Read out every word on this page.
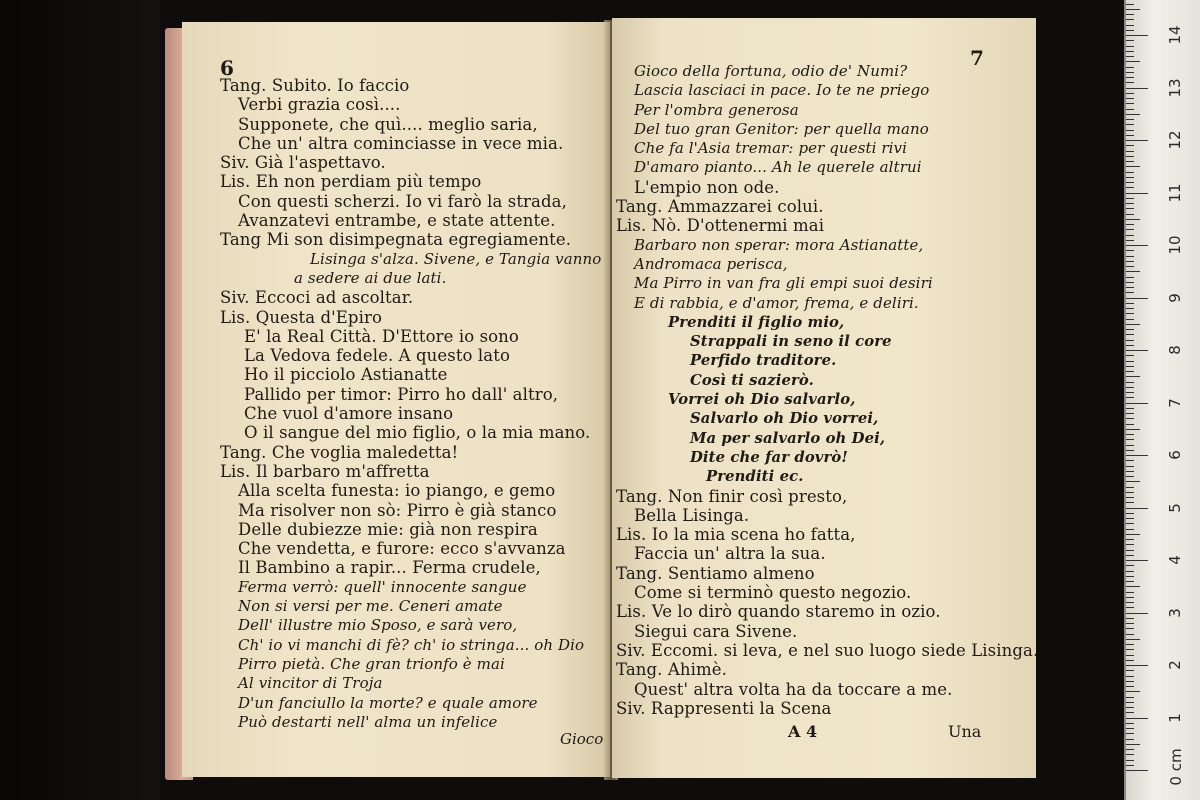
6
Tang. Subito. Io faccio
Verbi grazia così....
Supponete, che quì.... meglio saria,
Che un' altra cominciasse in vece mia.
Siv. Già l'aspettavo.
Lis. Eh non perdiam più tempo
Con questi scherzi. Io vi farò la strada,
Avanzatevi entrambe, e state attente.
Tang Mi son disimpegnata egregiamente.
Lisinga s'alza. Sivene, e Tangia vanno
a sedere ai due lati.
Siv. Eccoci ad ascoltar.
Lis. Questa d'Epiro
E' la Real Città. D'Ettore io sono
La Vedova fedele. A questo lato
Ho il picciolo Astianatte
Pallido per timor: Pirro ho dall' altro,
Che vuol d'amore insano
O il sangue del mio figlio, o la mia mano.
Tang. Che voglia maledetta!
Lis. Il barbaro m'affretta
Alla scelta funesta: io piango, e gemo
Ma risolver non sò: Pirro è già stanco
Delle dubiezze mie: già non respira
Che vendetta, e furore: ecco s'avvanza
Il Bambino a rapir... Ferma crudele,
Ferma verrò: quell' innocente sangue
Non si versi per me. Ceneri amate
Dell' illustre mio Sposo, e sarà vero,
Ch' io vi manchi di fè? ch' io stringa... oh Dio
Pirro pietà. Che gran trionfo è mai
Al vincitor di Troja
D'un fanciullo la morte? e quale amore
Può destarti nell' alma un infelice
Gioco
7
Gioco della fortuna, odio de' Numi?
Lascia lasciaci in pace. Io te ne priego
Per l'ombra generosa
Del tuo gran Genitor: per quella mano
Che fa l'Asia tremar: per questi rivi
D'amaro pianto... Ah le querele altrui
L'empio non ode.
Tang. Ammazzarei colui.
Lis. Nò. D'ottenermi mai
Barbaro non sperar: mora Astianatte,
Andromaca perisca,
Ma Pirro in van fra gli empi suoi desiri
E di rabbia, e d'amor, frema, e deliri.
Prenditi il figlio mio,
Strappali in seno il core
Perfido traditore.
Così ti sazierò.
Vorrei oh Dio salvarlo,
Salvarlo oh Dio vorrei,
Ma per salvarlo oh Dei,
Dite che far dovrò!
Prenditi ec.
Tang. Non finir così presto,
Bella Lisinga.
Lis. Io la mia scena ho fatta,
Faccia un' altra la sua.
Tang. Sentiamo almeno
Come si terminò questo negozio.
Lis. Ve lo dirò quando staremo in ozio.
Siegui cara Sivene.
Siv. Eccomi. si leva, e nel suo luogo siede Lisinga.
Tang. Ahimè.
Quest' altra volta ha da toccare a me.
Siv. Rappresenti la Scena
A 4	Una
0 cm
1
2
3
4
5
6
7
8
9
10
11
12
13
14
